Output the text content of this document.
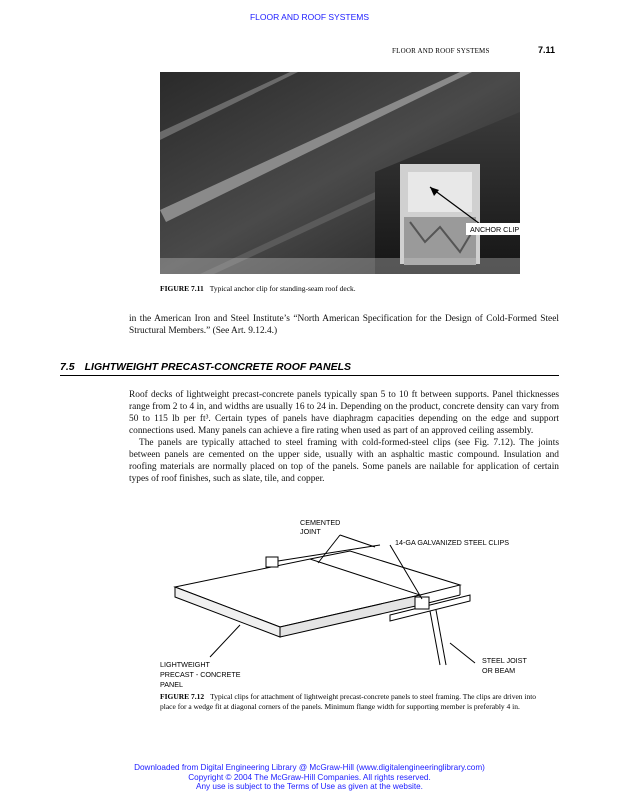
FLOOR AND ROOF SYSTEMS
FLOOR AND ROOF SYSTEMS	7.11
ANCHOR CLIP
FIGURE 7.11 Typical anchor clip for standing-seam roof deck.
in the American Iron and Steel Institute’s “North American Specification for the Design of Cold-Formed Steel Structural Members.” (See Art. 9.12.4.)
7.5 LIGHTWEIGHT PRECAST-CONCRETE ROOF PANELS

Roof decks of lightweight precast-concrete panels typically span 5 to 10 ft between supports. Panel thicknesses range from 2 to 4 in, and widths are usually 16 to 24 in. Depending on the product, concrete density can vary from 50 to 115 lb per ft³. Certain types of panels have diaphragm capacities depending on the edge and support connections used. Many panels can achieve a fire rating when used as part of an approved ceiling assembly.

The panels are typically attached to steel framing with cold-formed-steel clips (see Fig. 7.12). The joints between panels are cemented on the upper side, usually with an asphaltic mastic compound. Insulation and roofing materials are normally placed on top of the panels. Some panels are nailable for application of certain types of roof finishes, such as slate, tile, and copper.

CEMENTED
JOINT
14-GA GALVANIZED STEEL CLIPS
LIGHTWEIGHT
PRECAST - CONCRETE
PANEL
STEEL JOIST
OR BEAM
FIGURE 7.12 Typical clips for attachment of lightweight precast-concrete panels to steel framing. The clips are driven into place for a wedge fit at diagonal corners of the panels. Minimum flange width for supporting member is preferably 4 in.
Downloaded from Digital Engineering Library @ McGraw-Hill (www.digitalengineeringlibrary.com)
Copyright © 2004 The McGraw-Hill Companies. All rights reserved.
Any use is subject to the Terms of Use as given at the website.
